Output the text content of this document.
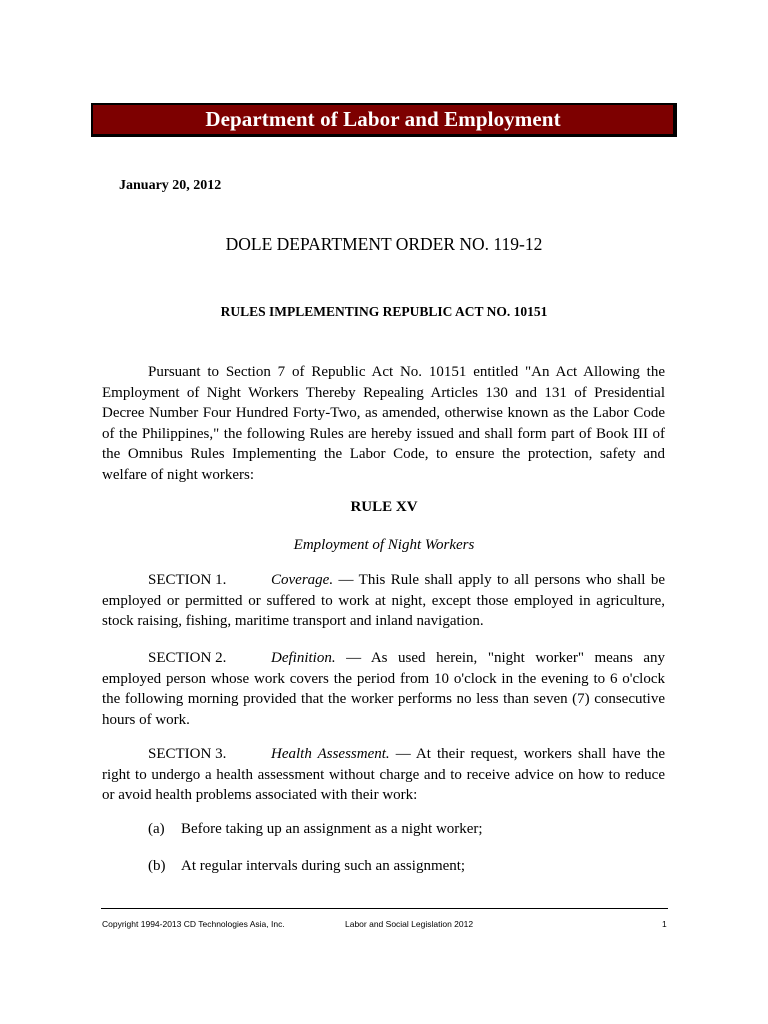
Department of Labor and Employment
January 20, 2012
DOLE DEPARTMENT ORDER NO. 119-12
RULES IMPLEMENTING REPUBLIC ACT NO. 10151

Pursuant to Section 7 of Republic Act No. 10151 entitled "An Act Allowing the Employment of Night Workers Thereby Repealing Articles 130 and 131 of Presidential Decree Number Four Hundred Forty-Two, as amended, otherwise known as the Labor Code of the Philippines," the following Rules are hereby issued and shall form part of Book III of the Omnibus Rules Implementing the Labor Code, to ensure the protection, safety and welfare of night workers:

RULE XV
Employment of Night Workers

SECTION 1.	Coverage. — This Rule shall apply to all persons who shall be employed or permitted or suffered to work at night, except those employed in agriculture, stock raising, fishing, maritime transport and inland navigation.

SECTION 2.	Definition. — As used herein, "night worker" means any employed person whose work covers the period from 10 o'clock in the evening to 6 o'clock the following morning provided that the worker performs no less than seven (7) consecutive hours of work.

SECTION 3.	Health Assessment. — At their request, workers shall have the right to undergo a health assessment without charge and to receive advice on how to reduce or avoid health problems associated with their work:

(a) Before taking up an assignment as a night worker;
(b) At regular intervals during such an assignment;
Copyright 1994-2013 CD Technologies Asia, Inc.	Labor and Social Legislation 2012	1
